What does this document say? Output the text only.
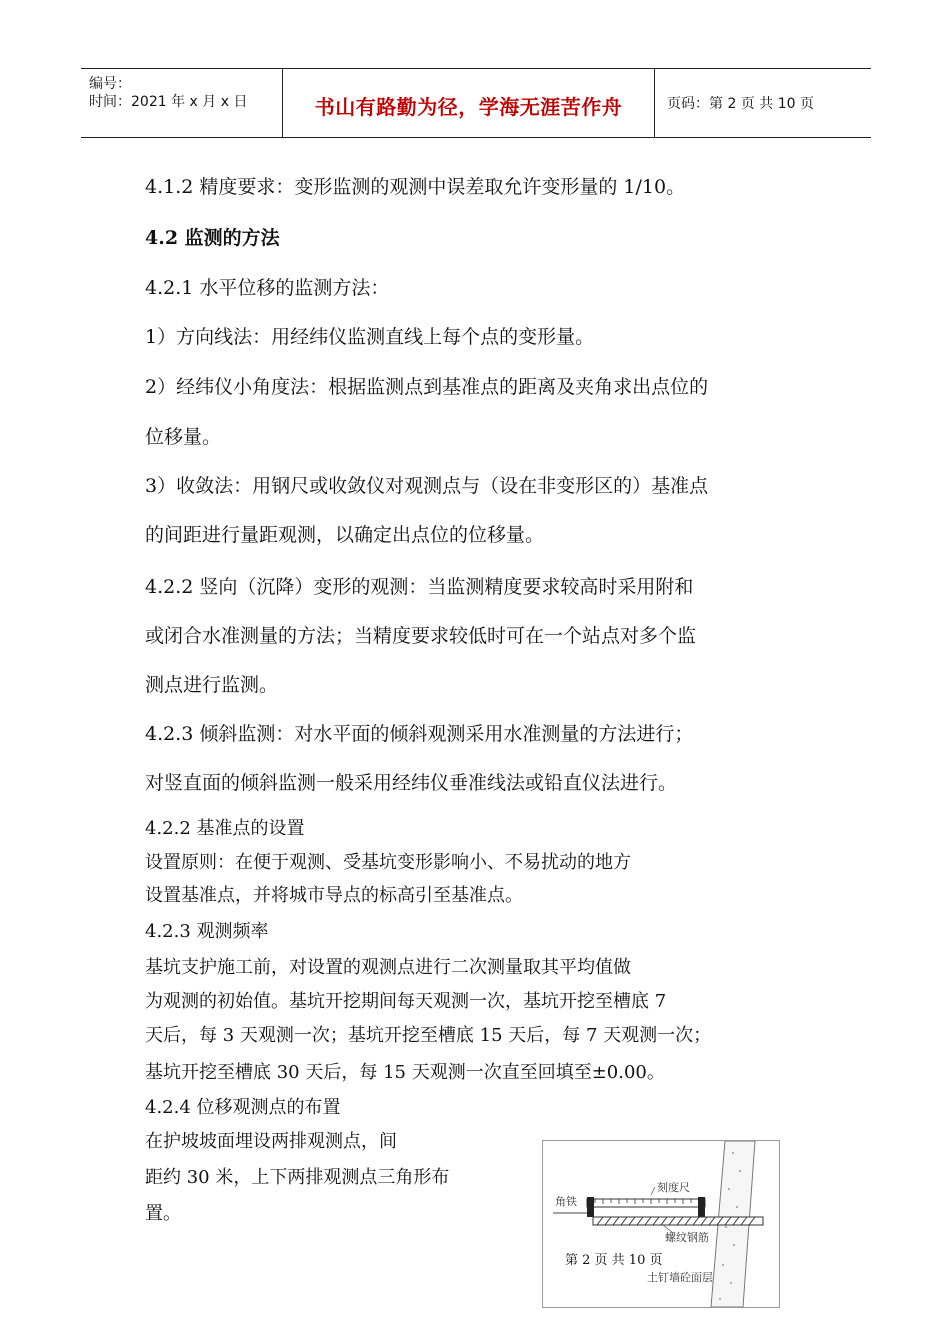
编号：
时间：2021 年 x 月 x 日	书山有路勤为径，学海无涯苦作舟	页码：第 2 页 共 10 页
4.1.2 精度要求：变形监测的观测中误差取允许变形量的 1/10。
4.2 监测的方法
4.2.1 水平位移的监测方法：
1）方向线法：用经纬仪监测直线上每个点的变形量。
2）经纬仪小角度法：根据监测点到基准点的距离及夹角求出点位的
位移量。
3）收敛法：用钢尺或收敛仪对观测点与（设在非变形区的）基准点
的间距进行量距观测，以确定出点位的位移量。
4.2.2 竖向（沉降）变形的观测：当监测精度要求较高时采用附和
或闭合水准测量的方法；当精度要求较低时可在一个站点对多个监
测点进行监测。
4.2.3 倾斜监测：对水平面的倾斜观测采用水准测量的方法进行；
对竖直面的倾斜监测一般采用经纬仪垂准线法或铅直仪法进行。
4.2.2 基准点的设置
设置原则：在便于观测、受基坑变形影响小、不易扰动的地方
设置基准点，并将城市导点的标高引至基准点。
4.2.3 观测频率
基坑支护施工前，对设置的观测点进行二次测量取其平均值做
为观测的初始值。基坑开挖期间每天观测一次，基坑开挖至槽底 7
天后，每 3 天观测一次；基坑开挖至槽底 15 天后，每 7 天观测一次；
基坑开挖至槽底 30 天后，每 15 天观测一次直至回填至±0.00。
4.2.4 位移观测点的布置
在护坡坡面埋设两排观测点，间
距约 30 米，上下两排观测点三角形布
置。
刻度尺
角铁
螺纹钢筋
土钉墙砼面层
第 2 页 共 10 页
